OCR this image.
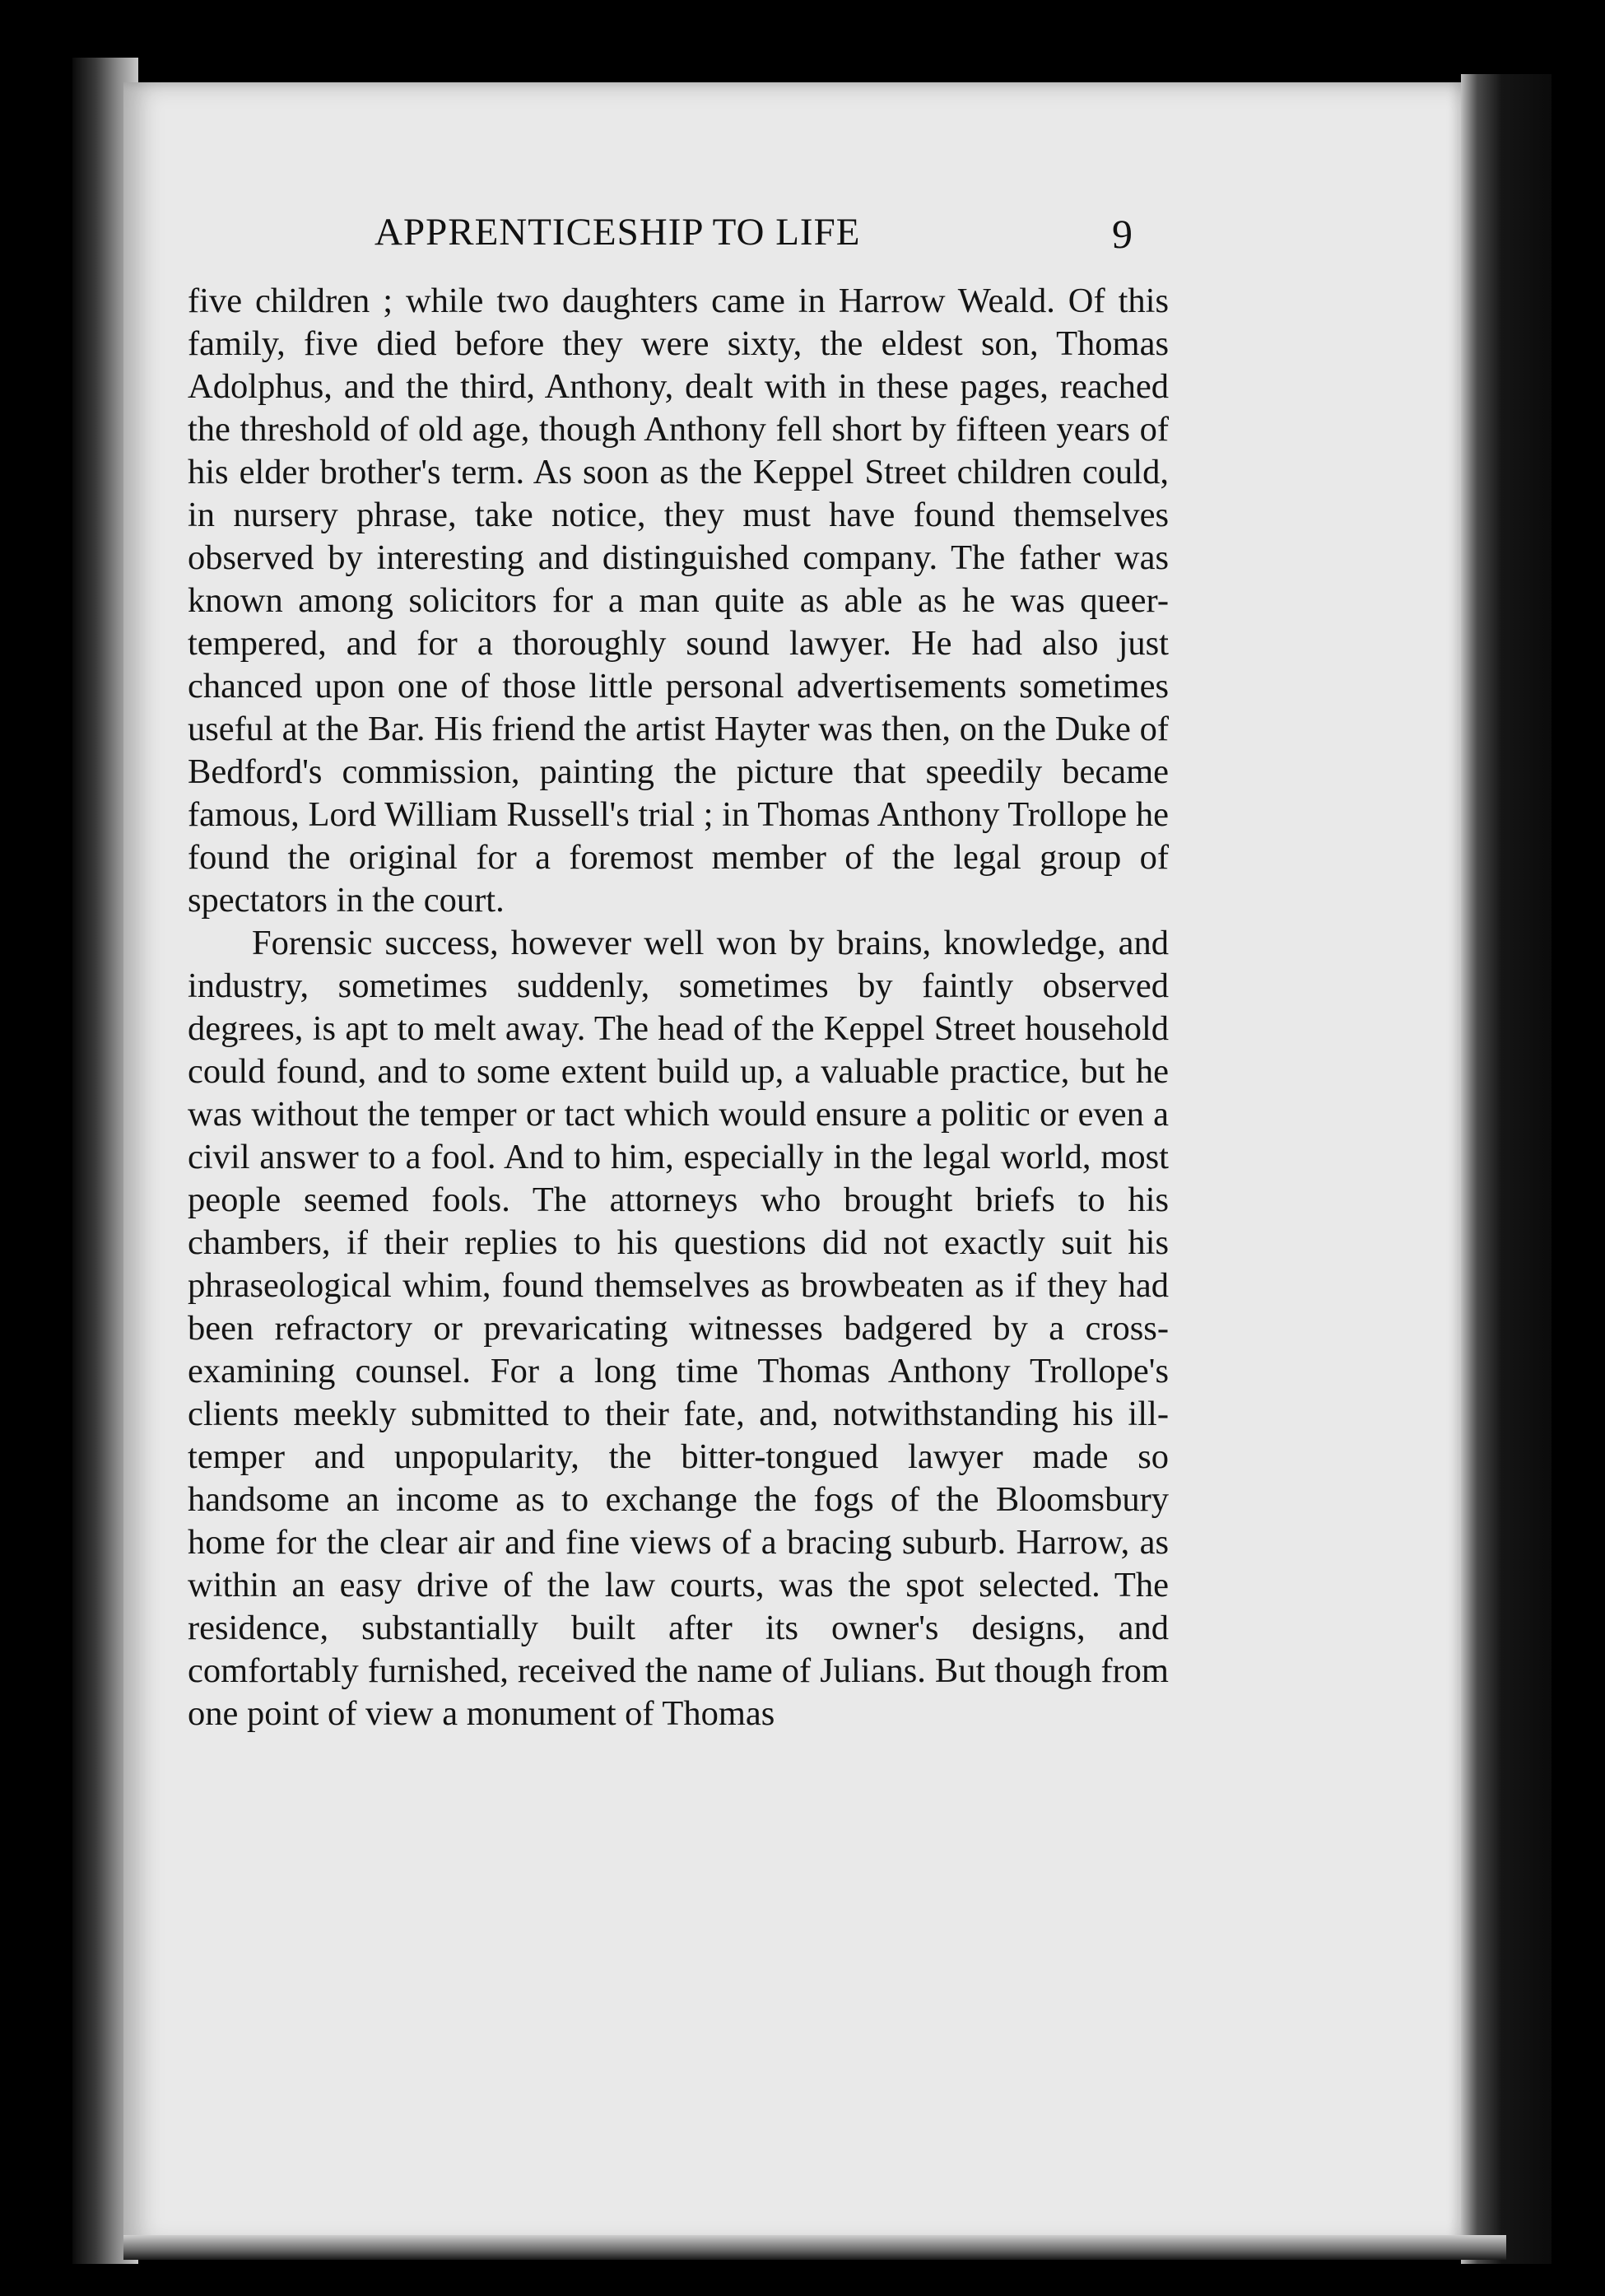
APPRENTICESHIP TO LIFE	9

five children ; while two daughters came in Harrow Weald. Of this family, five died before they were sixty, the eldest son, Thomas Adolphus, and the third, Anthony, dealt with in these pages, reached the threshold of old age, though Anthony fell short by fifteen years of his elder brother's term. As soon as the Keppel Street children could, in nursery phrase, take notice, they must have found themselves observed by interesting and distinguished company. The father was known among solicitors for a man quite as able as he was queer-tempered, and for a thoroughly sound lawyer. He had also just chanced upon one of those little personal advertisements sometimes useful at the Bar. His friend the artist Hayter was then, on the Duke of Bedford's commission, painting the picture that speedily became famous, Lord William Russell's trial ; in Thomas Anthony Trollope he found the original for a foremost member of the legal group of spectators in the court.

Forensic success, however well won by brains, knowledge, and industry, sometimes suddenly, sometimes by faintly observed degrees, is apt to melt away. The head of the Keppel Street household could found, and to some extent build up, a valuable practice, but he was without the temper or tact which would ensure a politic or even a civil answer to a fool. And to him, especially in the legal world, most people seemed fools. The attorneys who brought briefs to his chambers, if their replies to his questions did not exactly suit his phraseological whim, found themselves as browbeaten as if they had been refractory or prevaricating witnesses badgered by a cross-examining counsel. For a long time Thomas Anthony Trollope's clients meekly submitted to their fate, and, notwithstanding his ill-temper and unpopularity, the bitter-tongued lawyer made so handsome an income as to exchange the fogs of the Bloomsbury home for the clear air and fine views of a bracing suburb. Harrow, as within an easy drive of the law courts, was the spot selected. The residence, substantially built after its owner's designs, and comfortably furnished, received the name of Julians. But though from one point of view a monument of Thomas
